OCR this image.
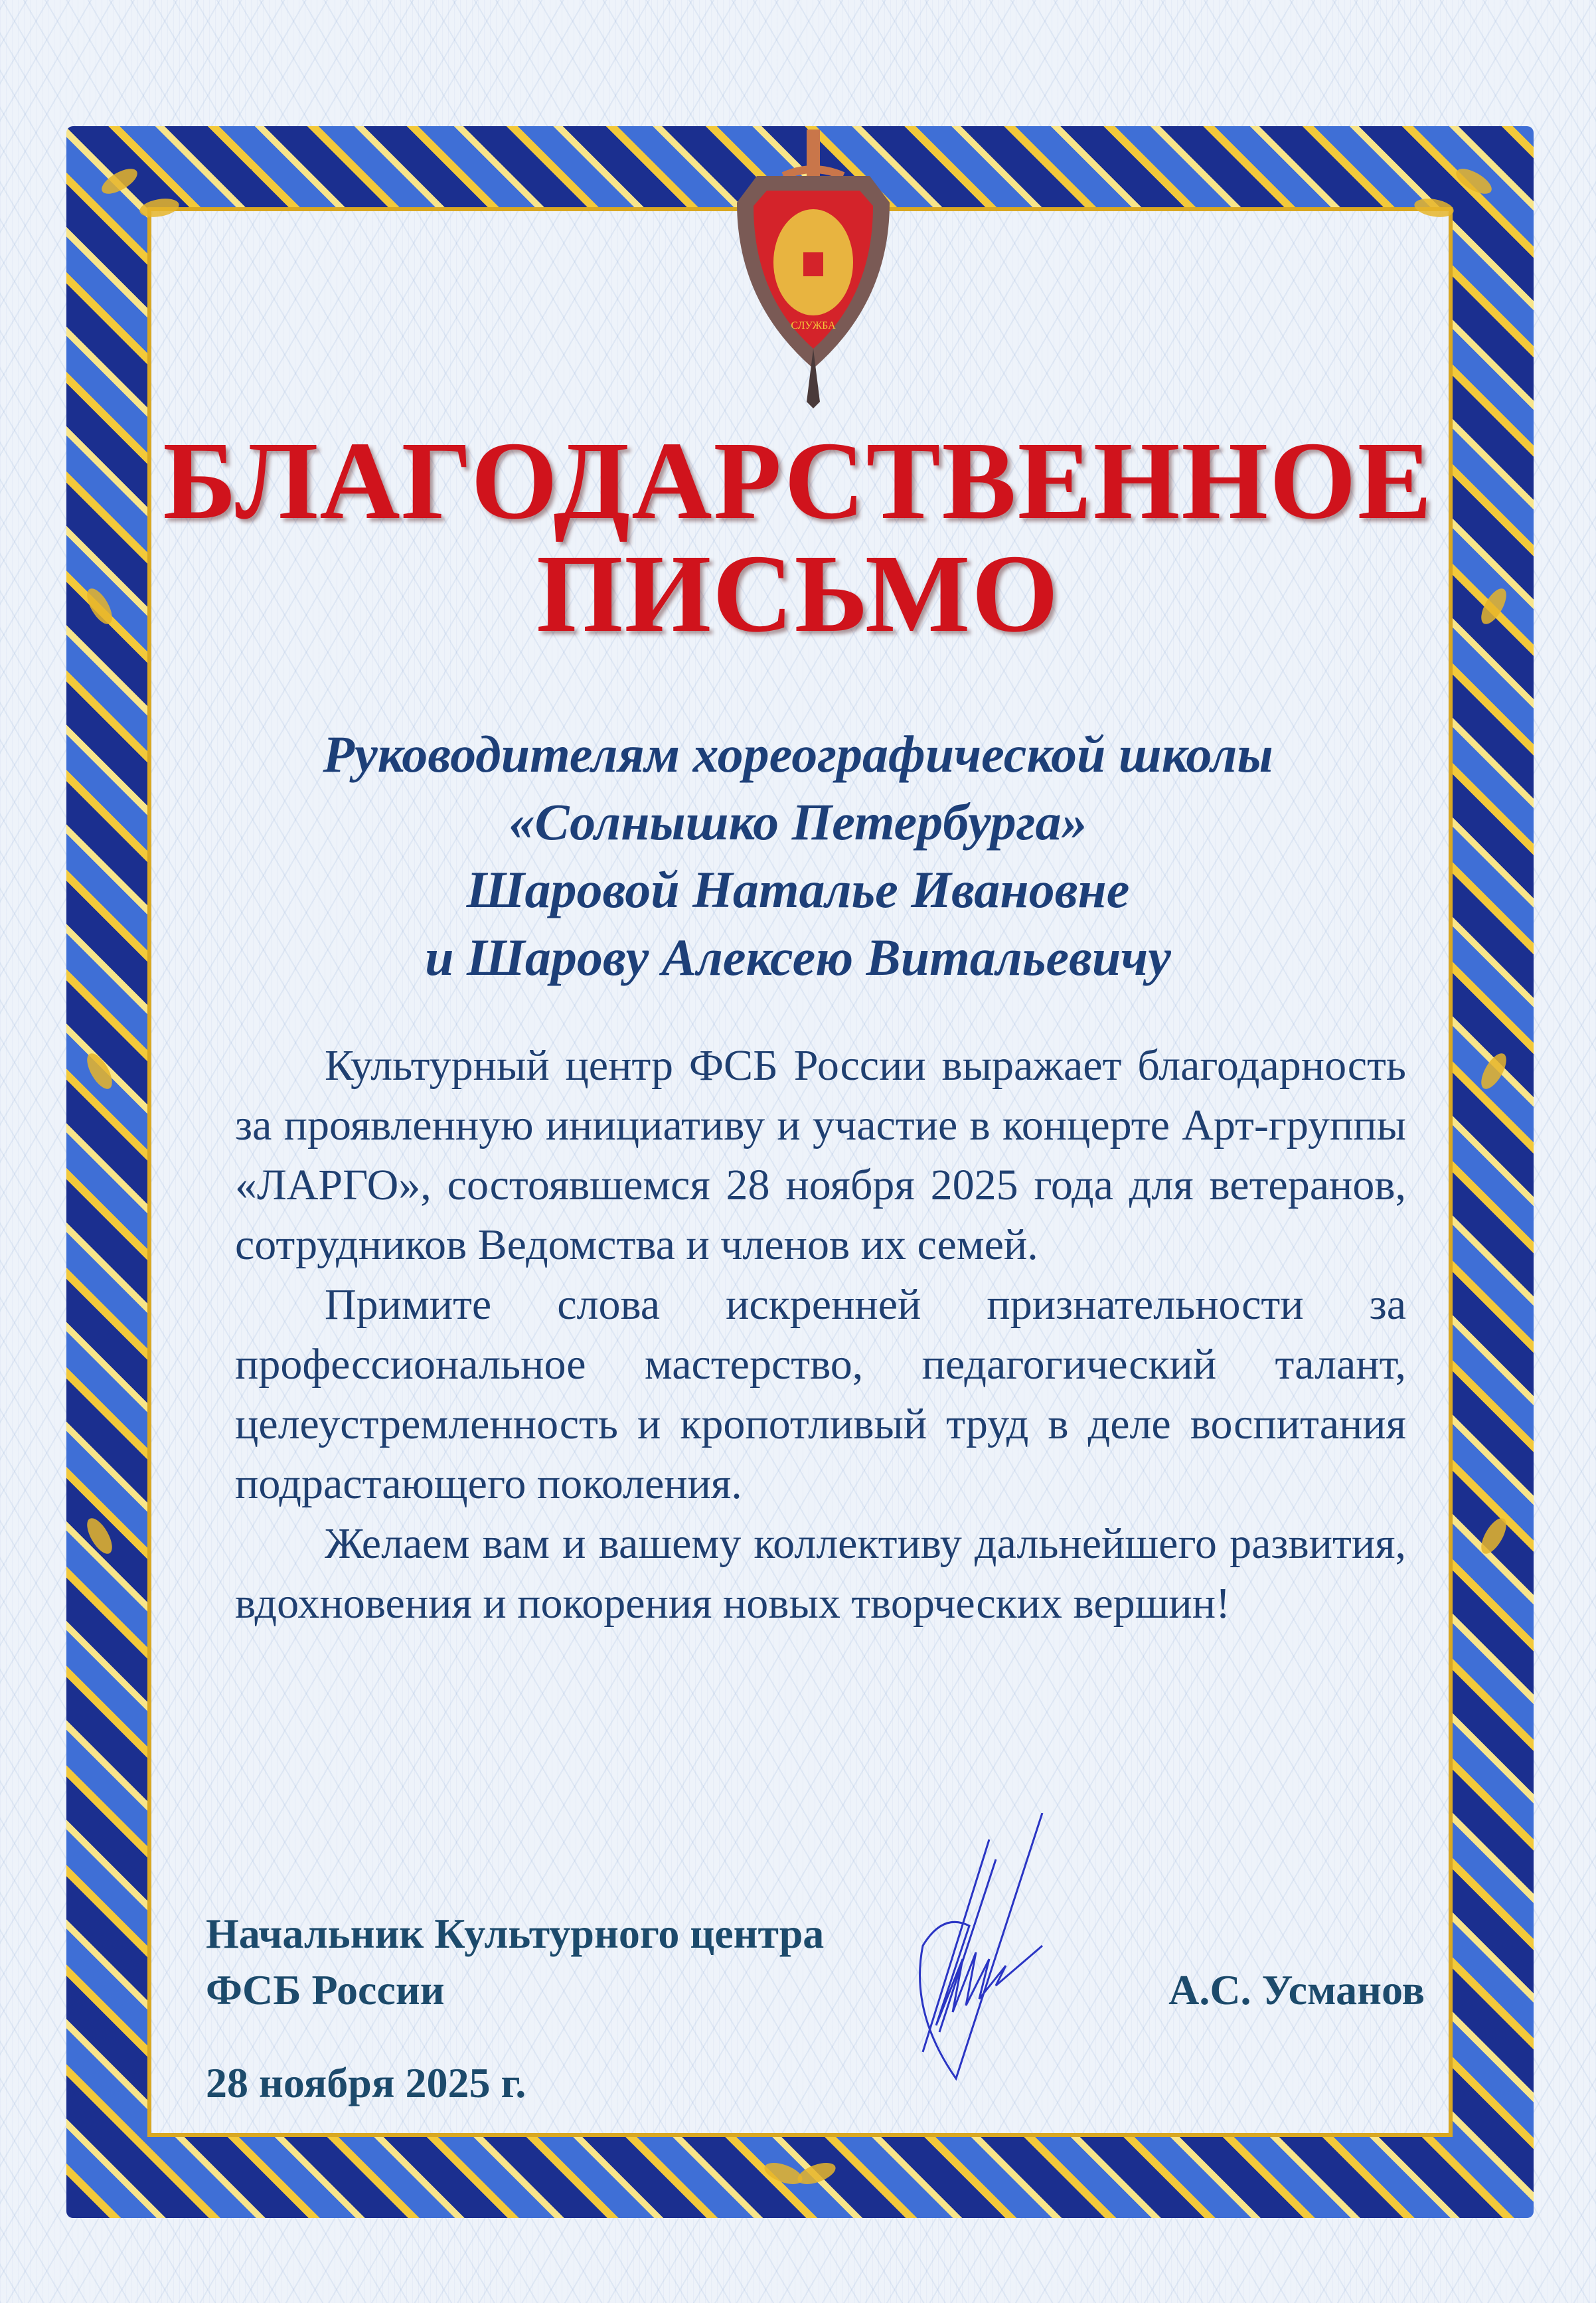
СЛУЖБА
БЛАГОДАРСТВЕННОЕ
ПИСЬМО
Руководителям хореографической школы
«Солнышко Петербурга»
Шаровой Наталье Ивановне
и Шарову Алексею Витальевичу

Культурный центр ФСБ России выражает благодарность за проявленную инициативу и участие в концерте Арт-группы «ЛАРГО», состоявшемся 28 ноября 2025 года для ветеранов, сотрудников Ведомства и членов их семей.

Примите слова искренней признательности за профессиональное мастерство, педагогический талант, целеустремленность и кропотливый труд в деле воспитания подрастающего поколения.

Желаем вам и вашему коллективу дальнейшего развития, вдохновения и покорения новых творческих вершин!

Начальник Культурного центра
ФСБ России	А.С. Усманов
28 ноября 2025 г.
